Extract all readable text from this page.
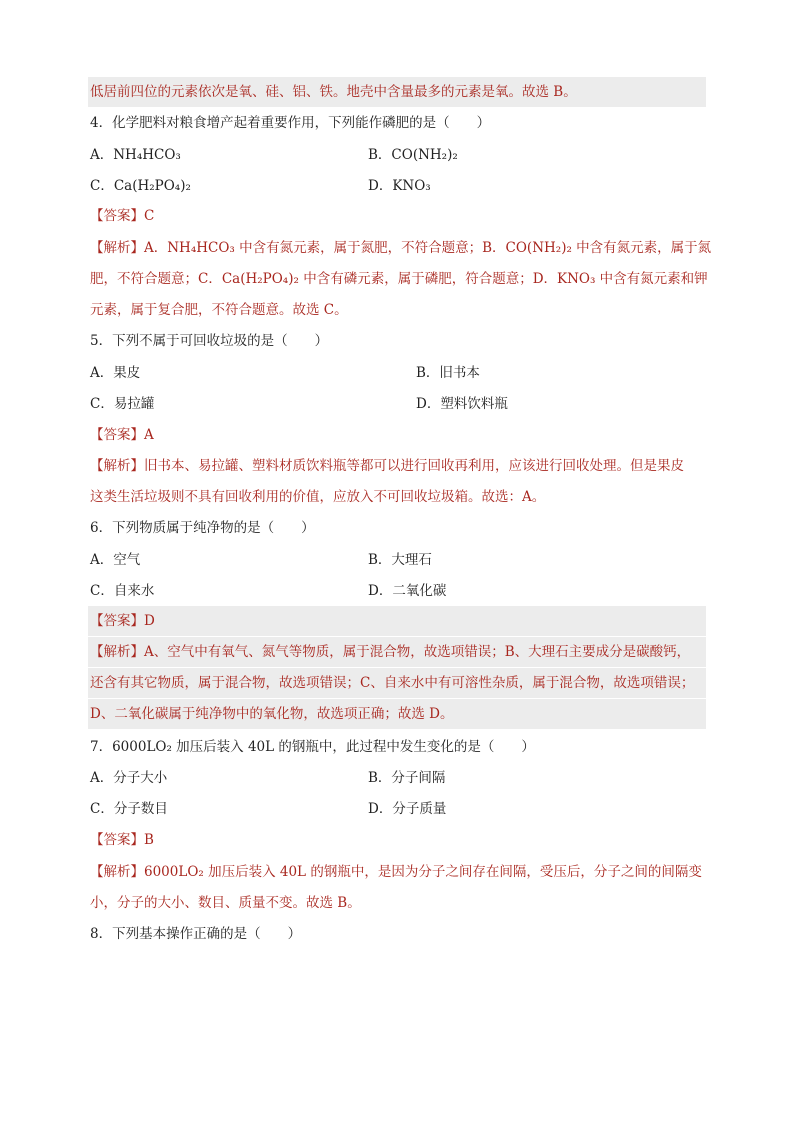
低居前四位的元素依次是氧、硅、铝、铁。地壳中含量最多的元素是氧。故选 B。
4．化学肥料对粮食增产起着重要作用，下列能作磷肥的是（　　）
A．NH₄HCO₃	B．CO(NH₂)₂
C．Ca(H₂PO₄)₂	D．KNO₃
【答案】C
【解析】A．NH₄HCO₃ 中含有氮元素，属于氮肥，不符合题意；B．CO(NH₂)₂ 中含有氮元素，属于氮
肥，不符合题意；C．Ca(H₂PO₄)₂ 中含有磷元素，属于磷肥，符合题意；D．KNO₃ 中含有氮元素和钾
元素，属于复合肥，不符合题意。故选 C。
5．下列不属于可回收垃圾的是（　　）
A．果皮	B．旧书本
C．易拉罐	D．塑料饮料瓶
【答案】A
【解析】旧书本、易拉罐、塑料材质饮料瓶等都可以进行回收再利用，应该进行回收处理。但是果皮
这类生活垃圾则不具有回收利用的价值，应放入不可回收垃圾箱。故选：A。
6．下列物质属于纯净物的是（　　）
A．空气	B．大理石
C．自来水	D．二氧化碳
【答案】D
【解析】A、空气中有氧气、氮气等物质，属于混合物，故选项错误；B、大理石主要成分是碳酸钙，
还含有其它物质，属于混合物，故选项错误；C、自来水中有可溶性杂质，属于混合物，故选项错误；
D、二氧化碳属于纯净物中的氧化物，故选项正确；故选 D。
7．6000LO₂ 加压后装入 40L 的钢瓶中，此过程中发生变化的是（　　）
A．分子大小	B．分子间隔
C．分子数目	D．分子质量
【答案】B
【解析】6000LO₂ 加压后装入 40L 的钢瓶中，是因为分子之间存在间隔，受压后，分子之间的间隔变
小，分子的大小、数目、质量不变。故选 B。
8．下列基本操作正确的是（　　）
